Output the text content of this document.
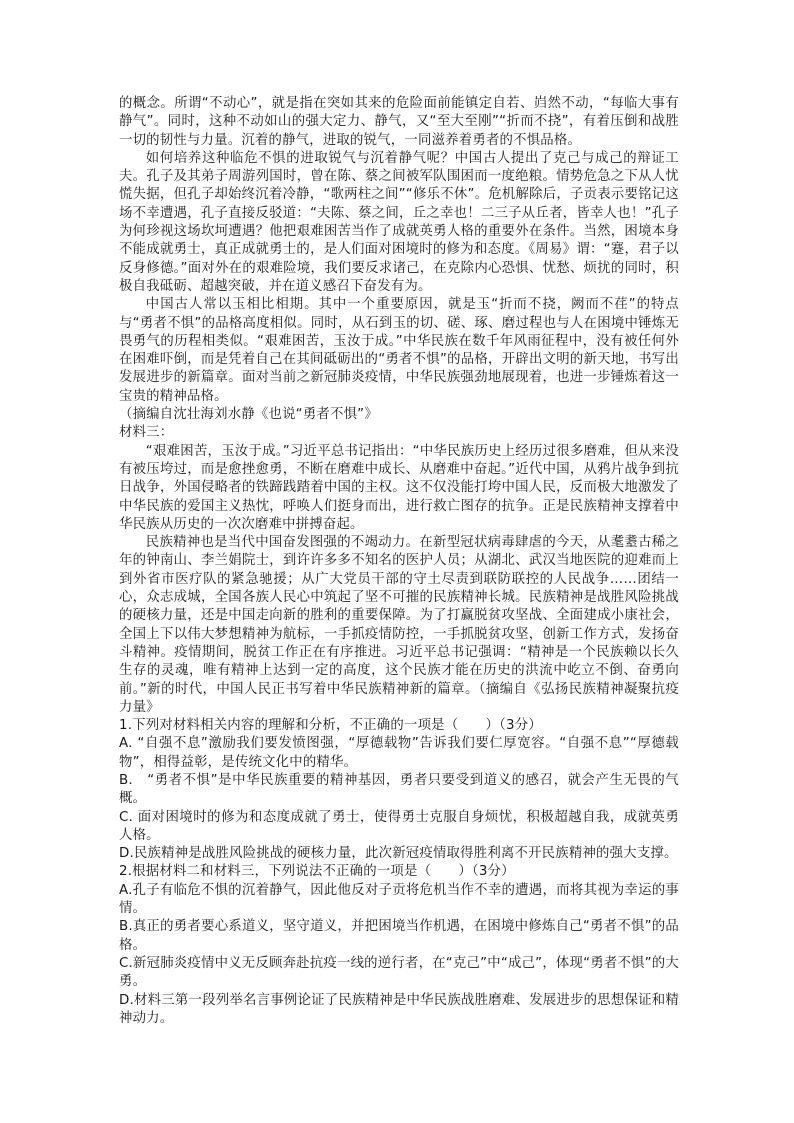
的概念。所谓“不动心”，就是指在突如其来的危险面前能镇定自若、岿然不动，“每临大事有静气”。同时，这种不动如山的强大定力、静气，又“至大至刚”“折而不挠”，有着压倒和战胜一切的韧性与力量。沉着的静气，进取的锐气，一同滋养着勇者的不惧品格。

如何培养这种临危不惧的进取锐气与沉着静气呢？中国古人提出了克己与成己的辩证工夫。孔子及其弟子周游列国时，曾在陈、蔡之间被军队围困而一度绝粮。情势危急之下从人忧慌失据，但孔子却始终沉着冷静，“歌两柱之间”“修乐不休”。危机解除后，子贡表示要铭记这场不幸遭遇，孔子直接反驳道：“夫陈、蔡之间，丘之幸也！二三子从丘者，皆幸人也！”孔子为何珍视这场坎坷遭遇？他把艰难困苦当作了成就英勇人格的重要外在条件。当然，困境本身不能成就勇士，真正成就勇士的，是人们面对困境时的修为和态度。《周易》谓：“蹇，君子以反身修德。”面对外在的艰难险境，我们要反求诸己，在克除内心恐惧、忧愁、烦扰的同时，积极自我砥砺、超越突破，并在道义感召下奋发有为。

中国古人常以玉相比相期。其中一个重要原因，就是玉“折而不挠，阙而不荏”的特点与“勇者不惧”的品格高度相似。同时，从石到玉的切、磋、琢、磨过程也与人在困境中锤炼无畏勇气的历程相类似。“艰难困苦，玉汝于成。”中华民族在数千年风雨征程中，没有被任何外在困难吓倒，而是凭着自己在其间砥砺出的“勇者不惧”的品格，开辟出文明的新天地，书写出发展进步的新篇章。面对当前之新冠肺炎疫情，中华民族强劲地展现着，也进一步锤炼着这一宝贵的精神品格。

（摘编自沈壮海刘水静《也说“勇者不惧”》

材料三：

“艰难困苦，玉汝于成。”习近平总书记指出：“中华民族历史上经历过很多磨难，但从来没有被压垮过，而是愈挫愈勇，不断在磨难中成长、从磨难中奋起。”近代中国，从鸦片战争到抗日战争，外国侵略者的铁蹄践踏着中国的主权。这不仅没能打垮中国人民，反而极大地激发了中华民族的爱国主义热忱，呼唤人们挺身而出，进行救亡图存的抗争。正是民族精神支撑着中华民族从历史的一次次磨难中拼搏奋起。

民族精神也是当代中国奋发图强的不竭动力。在新型冠状病毒肆虐的今天，从耄耋古稀之年的钟南山、李兰娟院士，到许许多多不知名的医护人员；从湖北、武汉当地医院的迎难而上到外省市医疗队的紧急驰援；从广大党员干部的守土尽责到联防联控的人民战争……团结一心，众志成城，全国各族人民心中筑起了坚不可摧的民族精神长城。民族精神是战胜风险挑战的硬核力量，还是中国走向新的胜利的重要保障。为了打赢脱贫攻坚战、全面建成小康社会，全国上下以伟大梦想精神为航标，一手抓疫情防控，一手抓脱贫攻坚，创新工作方式，发扬奋斗精神。疫情期间，脱贫工作正在有序推进。习近平总书记强调：“精神是一个民族赖以长久生存的灵魂，唯有精神上达到一定的高度，这个民族才能在历史的洪流中屹立不倒、奋勇向前。”新的时代，中国人民正书写着中华民族精神新的篇章。（摘编自《弘扬民族精神凝聚抗疫力量》

1.下列对材料相关内容的理解和分析，不正确的一项是（　　）（3分）

A. “自强不息”激励我们要发愤图强，“厚德载物”告诉我们要仁厚宽容。“自强不息”“厚德载物”，相得益彰，是传统文化中的精华。

B.　“勇者不惧”是中华民族重要的精神基因，勇者只要受到道义的感召，就会产生无畏的气概。

C. 面对困境时的修为和态度成就了勇士，使得勇士克服自身烦忧，积极超越自我，成就英勇人格。

D.民族精神是战胜风险挑战的硬核力量，此次新冠疫情取得胜利离不开民族精神的强大支撑。

2.根据材料二和材料三，下列说法不正确的一项是（　　）（3分）

A.孔子有临危不惧的沉着静气，因此他反对子贡将危机当作不幸的遭遇，而将其视为幸运的事情。

B.真正的勇者要心系道义，坚守道义，并把困境当作机遇，在困境中修炼自己“勇者不惧”的品格。

C.新冠肺炎疫情中义无反顾奔赴抗疫一线的逆行者，在“克己”中“成己”，体现“勇者不惧”的大勇。

D.材料三第一段列举名言事例论证了民族精神是中华民族战胜磨难、发展进步的思想保证和精神动力。
